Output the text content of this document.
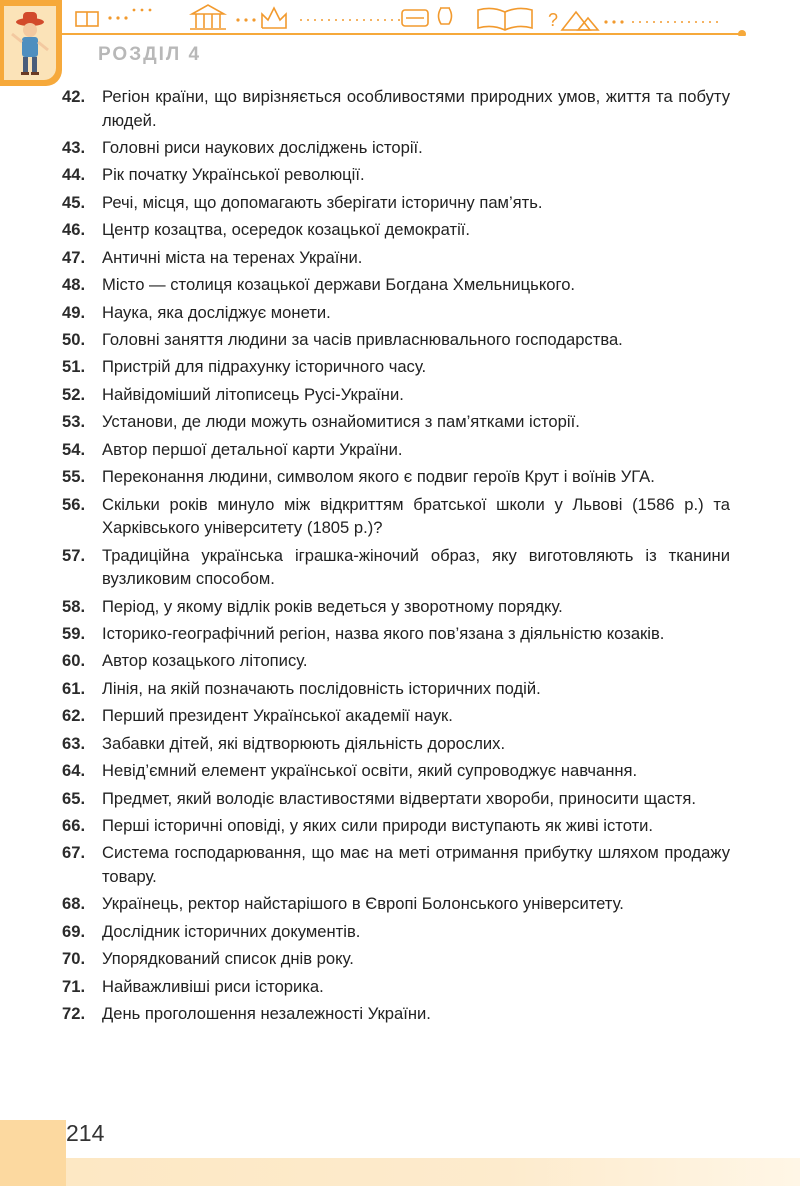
?
РОЗДІЛ 4
42.	Регіон країни, що вирізняється особливостями природних умов, життя та побуту людей.
43.	Головні риси наукових досліджень історії.
44.	Рік початку Української революції.
45.	Речі, місця, що допомагають зберігати історичну пам’ять.
46.	Центр козацтва, осередок козацької демократії.
47.	Античні міста на теренах України.
48.	Місто — столиця козацької держави Богдана Хмельницького.
49.	Наука, яка досліджує монети.
50.	Головні заняття людини за часів привласнювального господарства.
51.	Пристрій для підрахунку історичного часу.
52.	Найвідоміший літописець Русі-України.
53.	Установи, де люди можуть ознайомитися з пам’ятками історії.
54.	Автор першої детальної карти України.
55.	Переконання людини, символом якого є подвиг героїв Крут і воїнів УГА.
56.	Скільки років минуло між відкриттям братської школи у Львові (1586 р.) та Харківського університету (1805 р.)?
57.	Традиційна українська іграшка-жіночий образ, яку виготовляють із тканини вузликовим способом.
58.	Період, у якому відлік років ведеться у зворотному порядку.
59.	Історико-географічний регіон, назва якого пов’язана з діяльністю козаків.
60.	Автор козацького літопису.
61.	Лінія, на якій позначають послідовність історичних подій.
62.	Перший президент Української академії наук.
63.	Забавки дітей, які відтворюють діяльність дорослих.
64.	Невід’ємний елемент української освіти, який супроводжує навчання.
65.	Предмет, який володіє властивостями відвертати хвороби, приносити щастя.
66.	Перші історичні оповіді, у яких сили природи виступають як живі істоти.
67.	Система господарювання, що має на меті отримання прибутку шляхом продажу товару.
68.	Українець, ректор найстарішого в Європі Болонського університету.
69.	Дослідник історичних документів.
70.	Упорядкований список днів року.
71.	Найважливіші риси історика.
72.	День проголошення незалежності України.
214
